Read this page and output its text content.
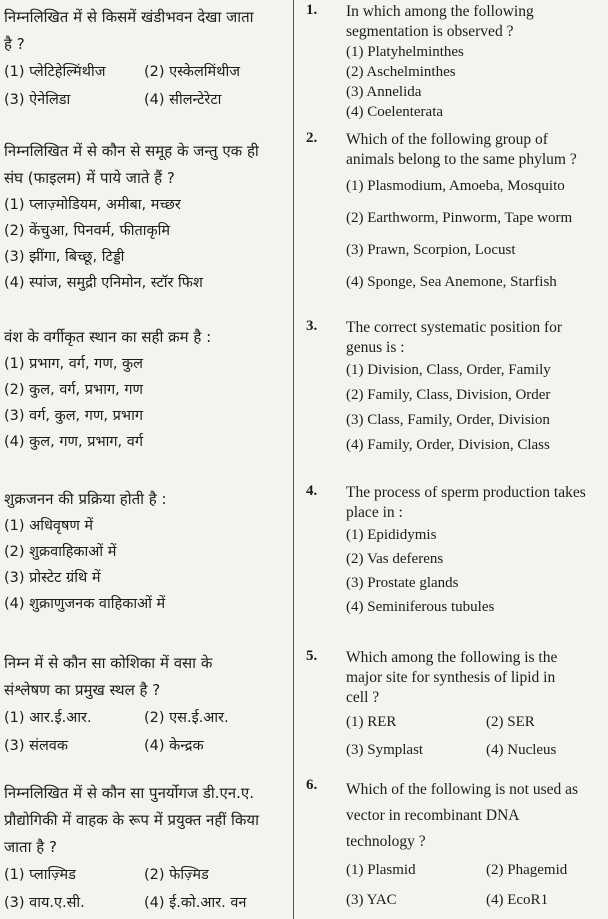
निम्नलिखित में से किसमें खंडीभवन देखा जाता
है ?
(1) प्लेटिहेल्मिंथीज	(2) एस्केलमिंथीज
(3) ऐनेलिडा	(4) सीलन्टेरेटा
निम्नलिखित में से कौन से समूह के जन्तु एक ही
संघ (फाइलम) में पाये जाते हैं ?
(1) प्लाज़्मोडियम, अमीबा, मच्छर
(2) केंचुआ, पिनवर्म, फीताकृमि
(3) झींगा, बिच्छू, टिड्डी
(4) स्पांज, समुद्री एनिमोन, स्टॉर फिश
वंश के वर्गीकृत स्थान का सही क्रम है :
(1) प्रभाग, वर्ग, गण, कुल
(2) कुल, वर्ग, प्रभाग, गण
(3) वर्ग, कुल, गण, प्रभाग
(4) कुल, गण, प्रभाग, वर्ग
शुक्रजनन की प्रक्रिया होती है :
(1) अधिवृषण में
(2) शुक्रवाहिकाओं में
(3) प्रोस्टेट ग्रंथि में
(4) शुक्राणुजनक वाहिकाओं में
निम्न में से कौन सा कोशिका में वसा के
संश्लेषण का प्रमुख स्थल है ?
(1) आर.ई.आर.	(2) एस.ई.आर.
(3) संलवक	(4) केन्द्रक
निम्नलिखित में से कौन सा पुनर्योगज डी.एन.ए.
प्रौद्योगिकी में वाहक के रूप में प्रयुक्त नहीं किया
जाता है ?
(1) प्लाज़्मिड	(2) फेज़्मिड
(3) वाय.ए.सी.	(4) ई.को.आर. वन
1. In which among the following
segmentation is observed ?
(1) Platyhelminthes
(2) Aschelminthes
(3) Annelida
(4) Coelenterata
2. Which of the following group of
animals belong to the same phylum ?
(1) Plasmodium, Amoeba, Mosquito
(2) Earthworm, Pinworm, Tape worm
(3) Prawn, Scorpion, Locust
(4) Sponge, Sea Anemone, Starfish
3. The correct systematic position for
genus is :
(1) Division, Class, Order, Family
(2) Family, Class, Division, Order
(3) Class, Family, Order, Division
(4) Family, Order, Division, Class
4. The process of sperm production takes
place in :
(1) Epididymis
(2) Vas deferens
(3) Prostate glands
(4) Seminiferous tubules
5. Which among the following is the
major site for synthesis of lipid in
cell ?
(1) RER	(2) SER
(3) Symplast	(4) Nucleus
6. Which of the following is not used as
vector in recombinant DNA
technology ?
(1) Plasmid	(2) Phagemid
(3) YAC	(4) EcoR1
